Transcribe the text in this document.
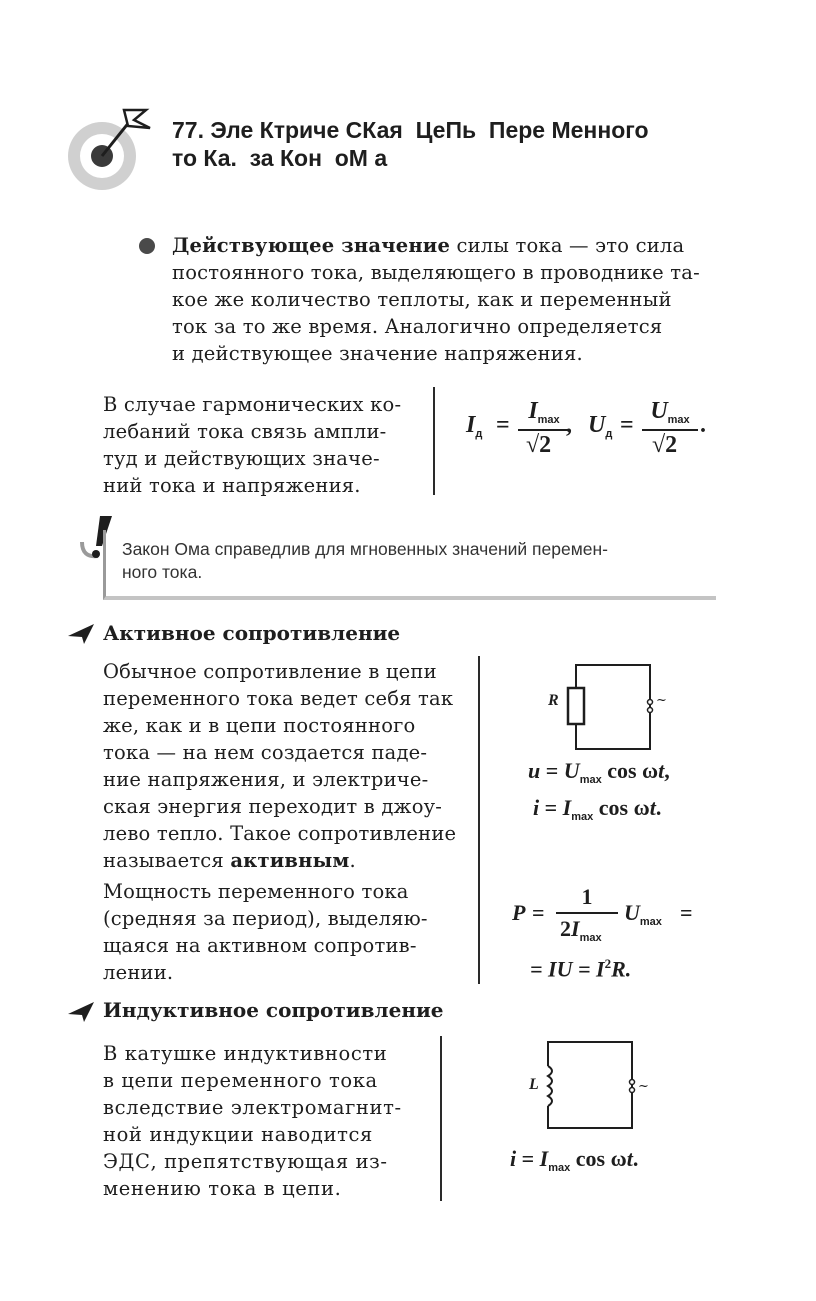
77. Эле Ктриче СКая  ЦеПь  Пере Менного
то Ка.  за Кон  оМ а
Действующее значение силы тока — это сила
постоянного тока, выделяющего в проводнике та-
кое же количество теплоты, как и переменный
ток за то же время. Аналогично определяется
и действующее значение напряжения.
В случае гармонических ко-
лебаний тока связь ампли-
туд и действующих значе-
ний тока и напряжения.
$I_д$ =
$I_{max}$
√2
, $U_д$ =
$U_{max}$
√2
.
Закон Ома справедлив для мгновенных значений перемен-
ного тока.
Активное сопротивление
Обычное сопротивление в цепи
переменного тока ведет себя так
же, как и в цепи постоянного
тока — на нем создается паде-
ние напряжения, и электриче-
ская энергия переходит в джоу-
лево тепло. Такое сопротивление
называется активным.
Мощность переменного тока
(средняя за период), выделяю-
щаяся на активном сопротив-
лении.
R	~
$u = U_{max}$ cos ωt,
$i = I_{max}$ cos ωt.
P =
1
$2I_{max}$
$U_{max}$ =
= IU = $I^2R$.
Индуктивное сопротивление
В катушке индуктивности
в цепи переменного тока
вследствие электромагнит-
ной индукции наводится
ЭДС, препятствующая из-
менению тока в цепи.
L	~
$i = I_{max}$ cos ωt.
